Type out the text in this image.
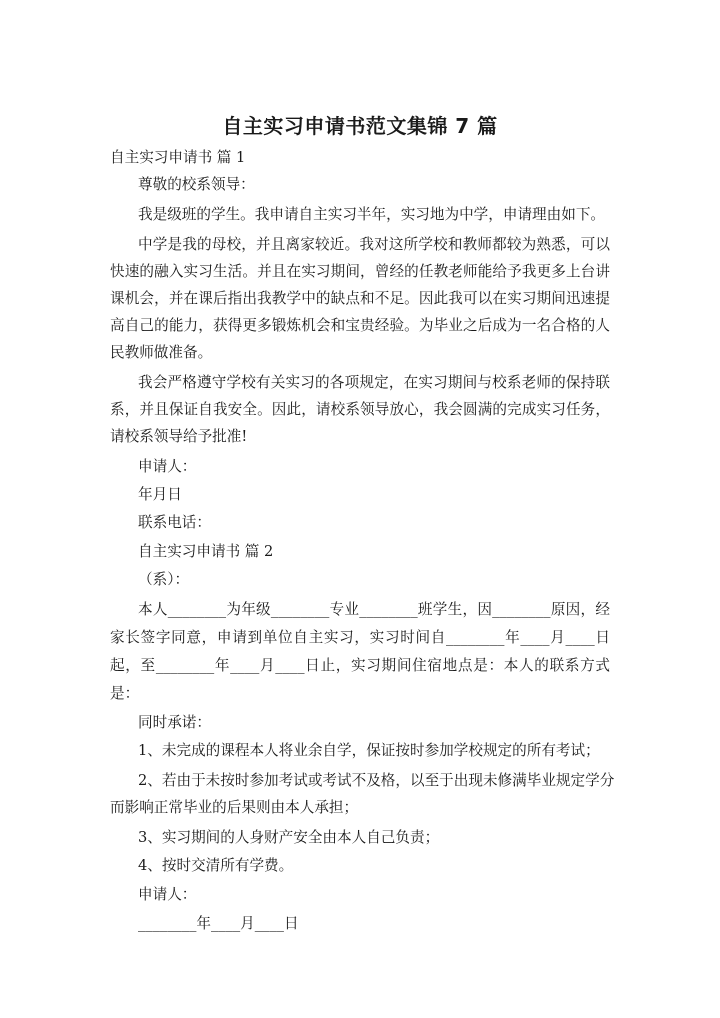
自主实习申请书范文集锦 7 篇
自主实习申请书 篇 1
尊敬的校系领导：
我是级班的学生。我申请自主实习半年，实习地为中学，申请理由如下。
中学是我的母校，并且离家较近。我对这所学校和教师都较为熟悉，可以
快速的融入实习生活。并且在实习期间，曾经的任教老师能给予我更多上台讲
课机会，并在课后指出我教学中的缺点和不足。因此我可以在实习期间迅速提
高自己的能力，获得更多锻炼机会和宝贵经验。为毕业之后成为一名合格的人
民教师做准备。
我会严格遵守学校有关实习的各项规定，在实习期间与校系老师的保持联
系，并且保证自我安全。因此，请校系领导放心，我会圆满的完成实习任务，
请校系领导给予批准!
申请人：
年月日
联系电话：
自主实习申请书 篇 2
（系）：
本人________为年级________专业________班学生，因________原因，经
家长签字同意，申请到单位自主实习，实习时间自________年____月____日
起，至________年____月____日止，实习期间住宿地点是：本人的联系方式
是：
同时承诺：
1、未完成的课程本人将业余自学，保证按时参加学校规定的所有考试；
2、若由于未按时参加考试或考试不及格，以至于出现未修满毕业规定学分
而影响正常毕业的后果则由本人承担；
3、实习期间的人身财产安全由本人自己负责；
4、按时交清所有学费。
申请人：
________年____月____日
